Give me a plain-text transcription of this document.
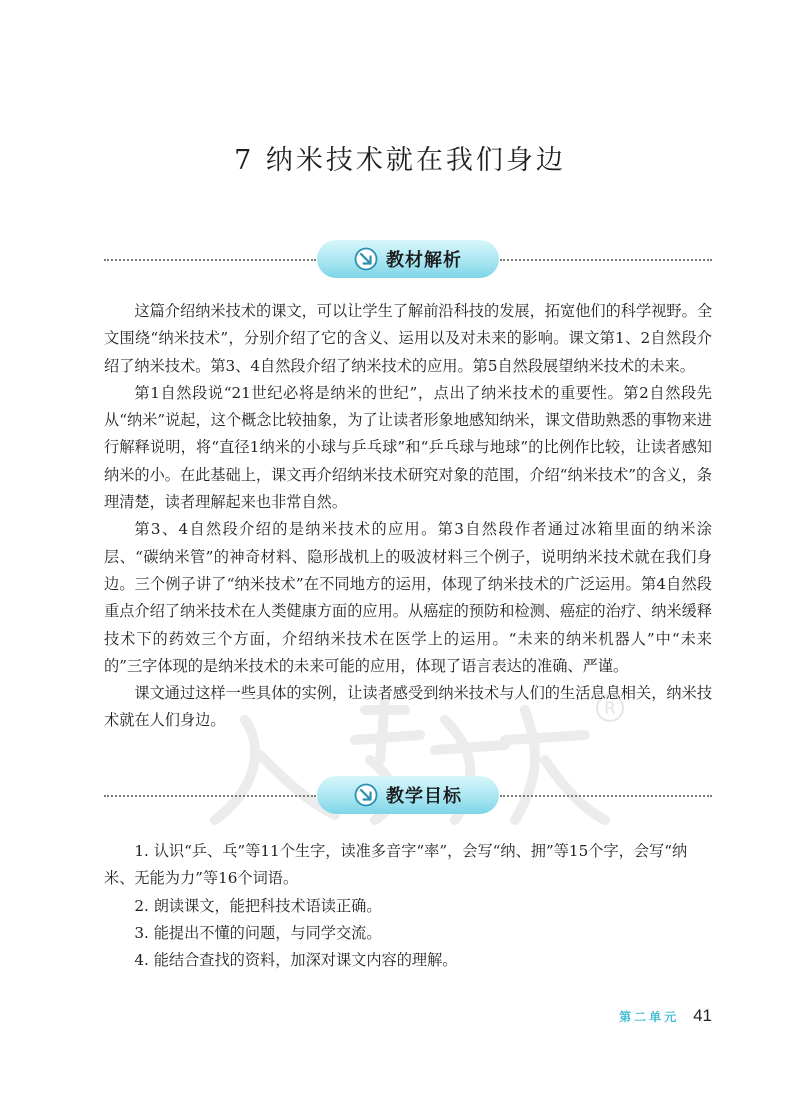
R
7 纳米技术就在我们身边
教材解析

这篇介绍纳米技术的课文，可以让学生了解前沿科技的发展，拓宽他们的科学视野。全文围绕“纳米技术”，分别介绍了它的含义、运用以及对未来的影响。课文第1、2自然段介绍了纳米技术。第3、4自然段介绍了纳米技术的应用。第5自然段展望纳米技术的未来。

第1自然段说“21世纪必将是纳米的世纪”，点出了纳米技术的重要性。第2自然段先从“纳米”说起，这个概念比较抽象，为了让读者形象地感知纳米，课文借助熟悉的事物来进行解释说明，将“直径1纳米的小球与乒乓球”和“乒乓球与地球”的比例作比较，让读者感知纳米的小。在此基础上，课文再介绍纳米技术研究对象的范围，介绍“纳米技术”的含义，条理清楚，读者理解起来也非常自然。

第3、4自然段介绍的是纳米技术的应用。第3自然段作者通过冰箱里面的纳米涂层、“碳纳米管”的神奇材料、隐形战机上的吸波材料三个例子，说明纳米技术就在我们身边。三个例子讲了“纳米技术”在不同地方的运用，体现了纳米技术的广泛运用。第4自然段重点介绍了纳米技术在人类健康方面的应用。从癌症的预防和检测、癌症的治疗、纳米缓释技术下的药效三个方面，介绍纳米技术在医学上的运用。“未来的纳米机器人”中“未来的”三字体现的是纳米技术的未来可能的应用，体现了语言表达的准确、严谨。

课文通过这样一些具体的实例，让读者感受到纳米技术与人们的生活息息相关，纳米技术就在人们身边。

教学目标

1. 认识“乒、乓”等11个生字，读准多音字“率”，会写“纳、拥”等15个字，会写“纳米、无能为力”等16个词语。

2. 朗读课文，能把科技术语读正确。

3. 能提出不懂的问题，与同学交流。

4. 能结合查找的资料，加深对课文内容的理解。

第二单元 41
